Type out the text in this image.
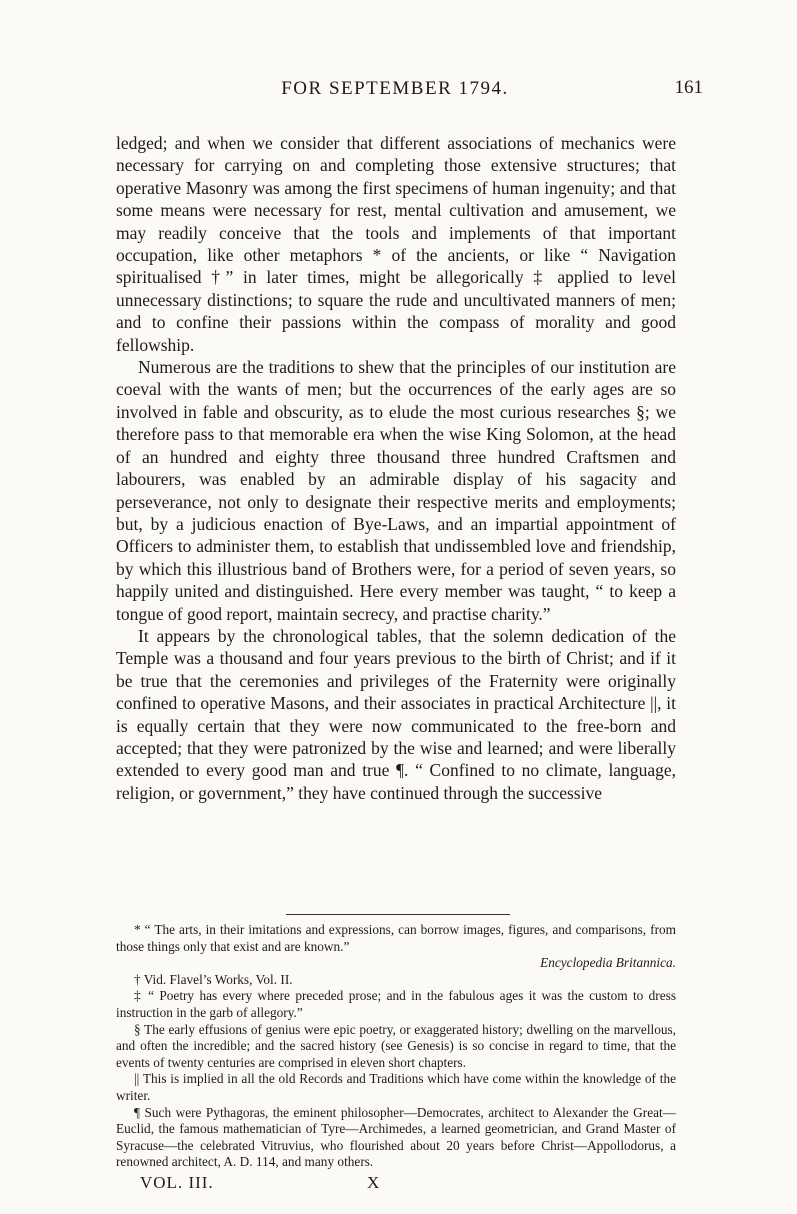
FOR SEPTEMBER 1794.	161

ledged; and when we consider that different associations of mechanics were necessary for carrying on and completing those extensive structures; that operative Masonry was among the first specimens of human ingenuity; and that some means were necessary for rest, mental cultivation and amusement, we may readily conceive that the tools and implements of that important occupation, like other metaphors * of the ancients, or like “ Navigation spiritualised †” in later times, might be allegorically ‡ applied to level unnecessary distinctions; to square the rude and uncultivated manners of men; and to confine their passions within the compass of morality and good fellowship.

Numerous are the traditions to shew that the principles of our institution are coeval with the wants of men; but the occurrences of the early ages are so involved in fable and obscurity, as to elude the most curious researches §; we therefore pass to that memorable era when the wise King Solomon, at the head of an hundred and eighty three thousand three hundred Craftsmen and labourers, was enabled by an admirable display of his sagacity and perseverance, not only to designate their respective merits and employments; but, by a judicious enaction of Bye-Laws, and an impartial appointment of Officers to administer them, to establish that undissembled love and friendship, by which this illustrious band of Brothers were, for a period of seven years, so happily united and distinguished. Here every member was taught, “ to keep a tongue of good report, maintain secrecy, and practise charity.”

It appears by the chronological tables, that the solemn dedication of the Temple was a thousand and four years previous to the birth of Christ; and if it be true that the ceremonies and privileges of the Fraternity were originally confined to operative Masons, and their associates in practical Architecture ||, it is equally certain that they were now communicated to the free-born and accepted; that they were patronized by the wise and learned; and were liberally extended to every good man and true ¶. “ Confined to no climate, language, religion, or government,” they have continued through the successive

* “ The arts, in their imitations and expressions, can borrow images, figures, and comparisons, from those things only that exist and are known.”

Encyclopedia Britannica.

† Vid. Flavel’s Works, Vol. II.

‡ “ Poetry has every where preceded prose; and in the fabulous ages it was the custom to dress instruction in the garb of allegory.”

§ The early effusions of genius were epic poetry, or exaggerated history; dwelling on the marvellous, and often the incredible; and the sacred history (see Genesis) is so concise in regard to time, that the events of twenty centuries are comprised in eleven short chapters.

|| This is implied in all the old Records and Traditions which have come within the knowledge of the writer.

¶ Such were Pythagoras, the eminent philosopher—Democrates, architect to Alexander the Great—Euclid, the famous mathematician of Tyre—Archimedes, a learned geometrician, and Grand Master of Syracuse—the celebrated Vitruvius, who flourished about 20 years before Christ—Appollodorus, a renowned architect, A. D. 114, and many others.

VOL. III.	X
